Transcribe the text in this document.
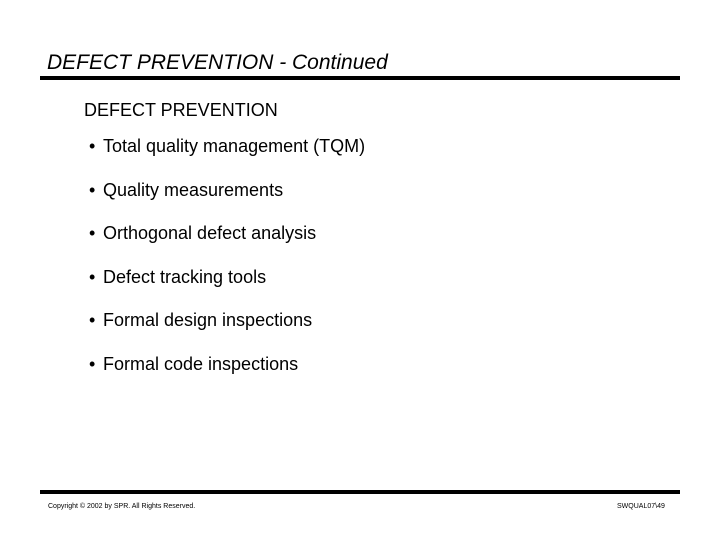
DEFECT PREVENTION - Continued
DEFECT PREVENTION
• Total quality management (TQM)
• Quality measurements
• Orthogonal defect analysis
• Defect tracking tools
• Formal design inspections
• Formal code inspections
Copyright © 2002 by SPR. All Rights Reserved.	SWQUAL07\49
